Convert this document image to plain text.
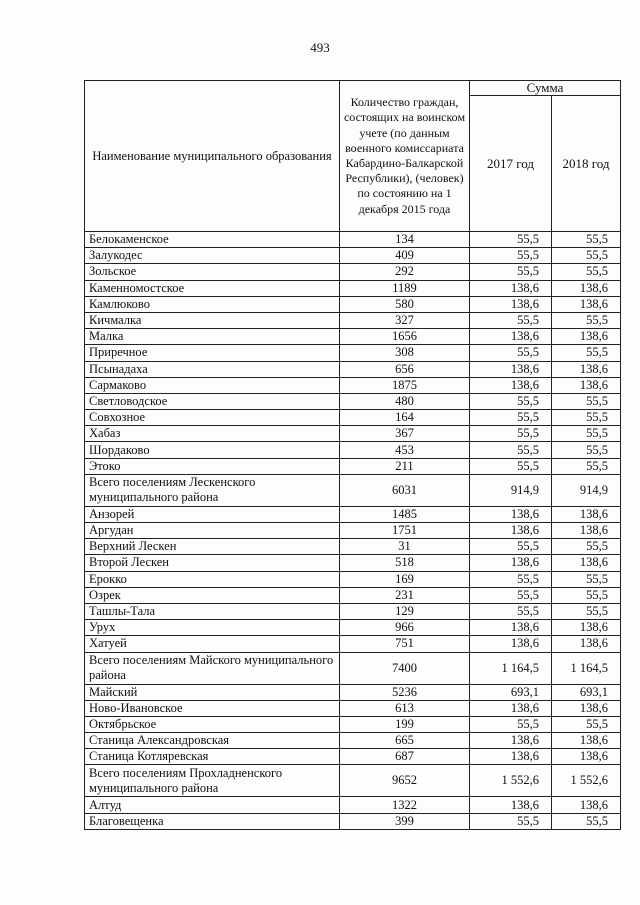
493
Наименование муниципального образования	Количество граждан, состоящих на воинском учете (по данным военного комиссариата Кабардино-Балкарской Республики), (человек) по состоянию на 1 декабря 2015 года	Сумма	
		2017 год	2018 год
Белокаменское	134	55,5	55,5
Залукодес	409	55,5	55,5
Зольское	292	55,5	55,5
Каменномостское	1189	138,6	138,6
Камлюково	580	138,6	138,6
Кичмалка	327	55,5	55,5
Малка	1656	138,6	138,6
Приречное	308	55,5	55,5
Псынадаха	656	138,6	138,6
Сармаково	1875	138,6	138,6
Светловодское	480	55,5	55,5
Совхозное	164	55,5	55,5
Хабаз	367	55,5	55,5
Шордаково	453	55,5	55,5
Этоко	211	55,5	55,5
Всего поселениям Лескенского муниципального района	6031	914,9	914,9
Анзорей	1485	138,6	138,6
Аргудан	1751	138,6	138,6
Верхний Лескен	31	55,5	55,5
Второй Лескен	518	138,6	138,6
Ерокко	169	55,5	55,5
Озрек	231	55,5	55,5
Ташлы-Тала	129	55,5	55,5
Урух	966	138,6	138,6
Хатуей	751	138,6	138,6
Всего поселениям Майского муниципального района	7400	1 164,5	1 164,5
Майский	5236	693,1	693,1
Ново-Ивановское	613	138,6	138,6
Октябрьское	199	55,5	55,5
Станица Александровская	665	138,6	138,6
Станица Котляревская	687	138,6	138,6
Всего поселениям Прохладненского муниципального района	9652	1 552,6	1 552,6
Алтуд	1322	138,6	138,6
Благовещенка	399	55,5	55,5
